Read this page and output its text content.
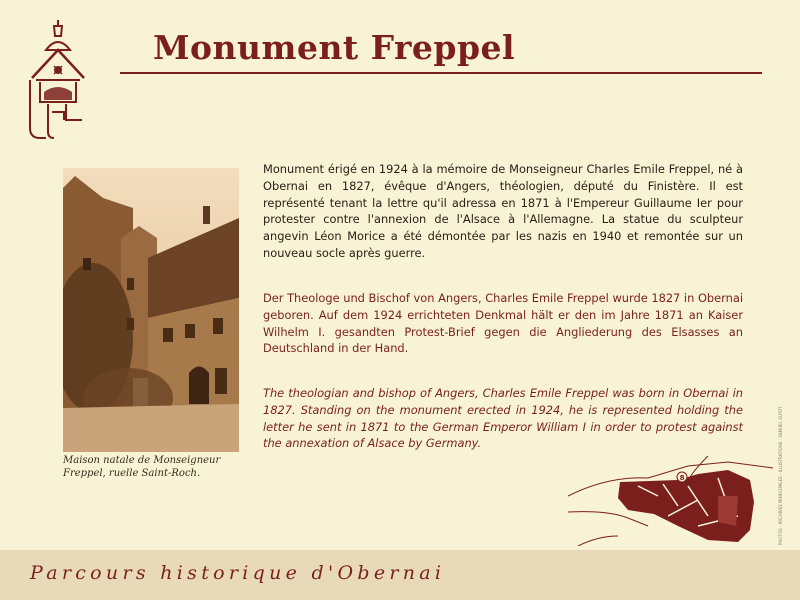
Monument Freppel

Maison natale de Monseigneur Freppel, ruelle Saint-Roch.

Monument érigé en 1924 à la mémoire de Monseigneur Charles Emile Freppel, né à Obernai en 1827, évêque d'Angers, théologien, député du Finistère. Il est représenté tenant la lettre qu'il adressa en 1871 à l'Empereur Guillaume Ier pour protester contre l'annexion de l'Alsace à l'Allemagne. La statue du sculpteur angevin Léon Morice a été démontée par les nazis en 1940 et remontée sur un nouveau socle après guerre.

Der Theologe und Bischof von Angers, Charles Emile Freppel wurde 1827 in Obernai geboren. Auf dem 1924 errichteten Denkmal hält er den im Jahre 1871 an Kaiser Wilhelm I. gesandten Protest-Brief gegen die Angliederung des Elsasses an Deutschland in der Hand.

The theologian and bishop of Angers, Charles Emile Freppel was born in Obernai in 1827. Standing on the monument erected in 1924, he is represented holding the letter he sent in 1871 to the German Emperor William I in order to protest against the annexation of Alsace by Germany.

8	PHOTOS : ARCHIVES MUNICIPALES - ILLUSTRATIONS : SAMUEL GUYOT

Parcours historique d'Obernai
